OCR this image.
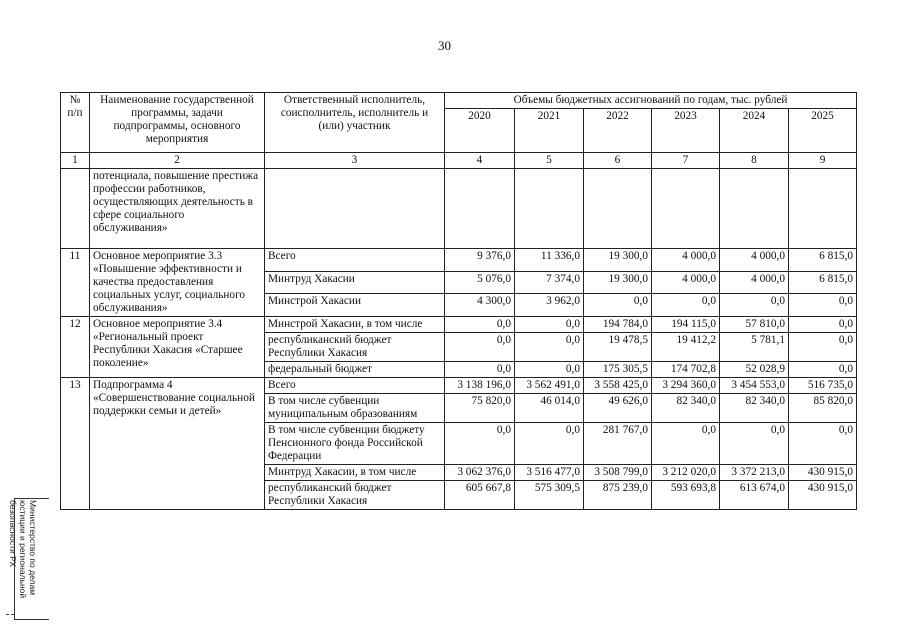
30
№
п/п	Наименование государственной программы, задачи подпрограммы, основного мероприятия	Ответственный исполнитель, соисполнитель, исполнитель и (или) участник	Объемы бюджетных ассигнований по годам, тыс. рублей					
			2020	2021	2022	2023	2024	2025
1	2	3	4	5	6	7	8	9
	потенциала, повышение престижа профессии работников, осуществляющих деятельность в сфере социального обслуживания»							
11	Основное мероприятие 3.3 «Повышение эффективности и качества предоставления социальных услуг, социального обслуживания»	Всего	9 376,0	11 336,0	19 300,0	4 000,0	4 000,0	6 815,0
		Минтруд Хакасии	5 076,0	7 374,0	19 300,0	4 000,0	4 000,0	6 815,0
		Минстрой Хакасии	4 300,0	3 962,0	0,0	0,0	0,0	0,0
12	Основное мероприятие 3.4 «Региональный проект Республики Хакасия «Старшее поколение»	Минстрой Хакасии, в том числе	0,0	0,0	194 784,0	194 115,0	57 810,0	0,0
		республиканский бюджет Республики Хакасия	0,0	0,0	19 478,5	19 412,2	5 781,1	0,0
		федеральный бюджет	0,0	0,0	175 305,5	174 702,8	52 028,9	0,0
13	Подпрограмма 4 «Совершенствование социальной поддержки семьи и детей»	Всего	3 138 196,0	3 562 491,0	3 558 425,0	3 294 360,0	3 454 553,0	516 735,0
		В том числе субвенции муниципальным образованиям	75 820,0	46 014,0	49 626,0	82 340,0	82 340,0	85 820,0
		В том числе субвенции бюджету Пенсионного фонда Российской Федерации	0,0	0,0	281 767,0	0,0	0,0	0,0
		Минтруд Хакасии, в том числе	3 062 376,0	3 516 477,0	3 508 799,0	3 212 020,0	3 372 213,0	430 915,0
		республиканский бюджет Республики Хакасия	605 667,8	575 309,5	875 239,0	593 693,8	613 674,0	430 915,0
Министерство по делам
юстиции и региональной
безопасности РХ
